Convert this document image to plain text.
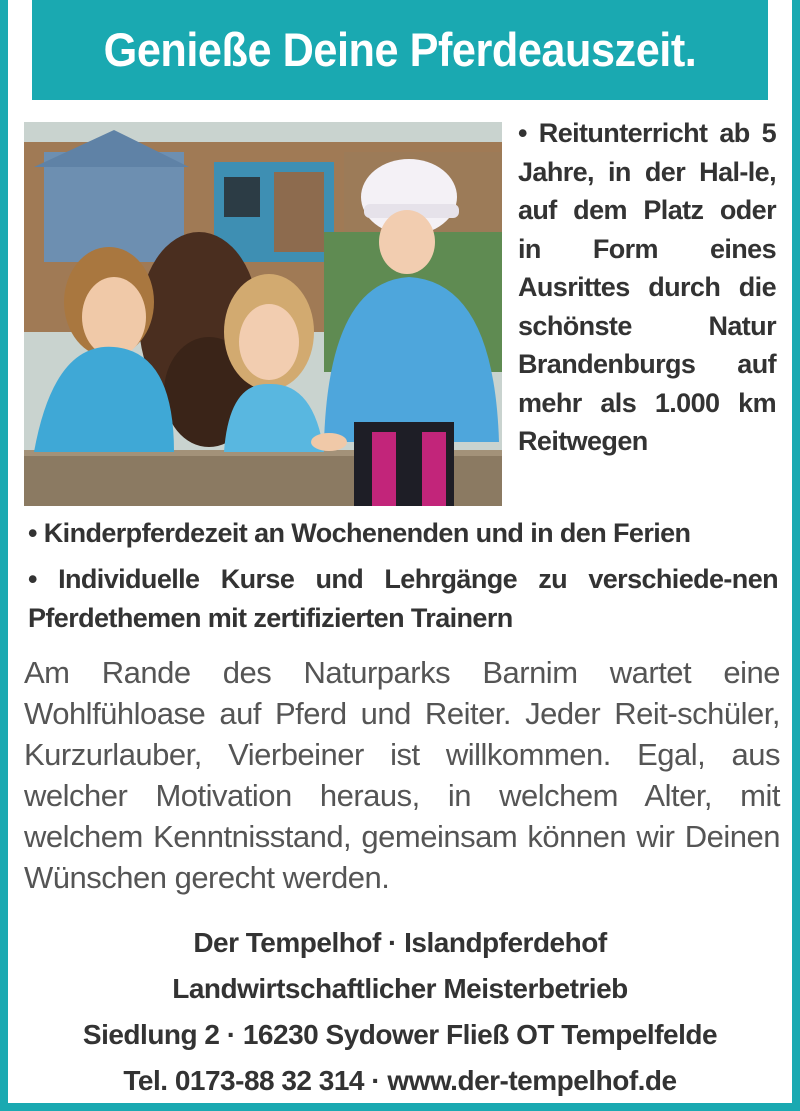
Genieße Deine Pferdeauszeit.
• Reitunterricht ab 5 Jahre, in der Hal-le, auf dem Platz oder in Form eines Ausrittes durch die schönste Natur Brandenburgs auf mehr als 1.000 km Reitwegen
• Kinderpferdezeit an Wochenenden und in den Ferien
• Individuelle Kurse und Lehrgänge zu verschiede-nen Pferdethemen mit zertifizierten Trainern
Am Rande des Naturparks Barnim wartet eine Wohlfühloase auf Pferd und Reiter. Jeder Reit-schüler, Kurzurlauber, Vierbeiner ist willkommen. Egal, aus welcher Motivation heraus, in welchem Alter, mit welchem Kenntnisstand, gemeinsam können wir Deinen Wünschen gerecht werden.
Der Tempelhof · Islandpferdehof
Landwirtschaftlicher Meisterbetrieb
Siedlung 2 · 16230 Sydower Fließ OT Tempelfelde
Tel. 0173-88 32 314 · www.der-tempelhof.de
